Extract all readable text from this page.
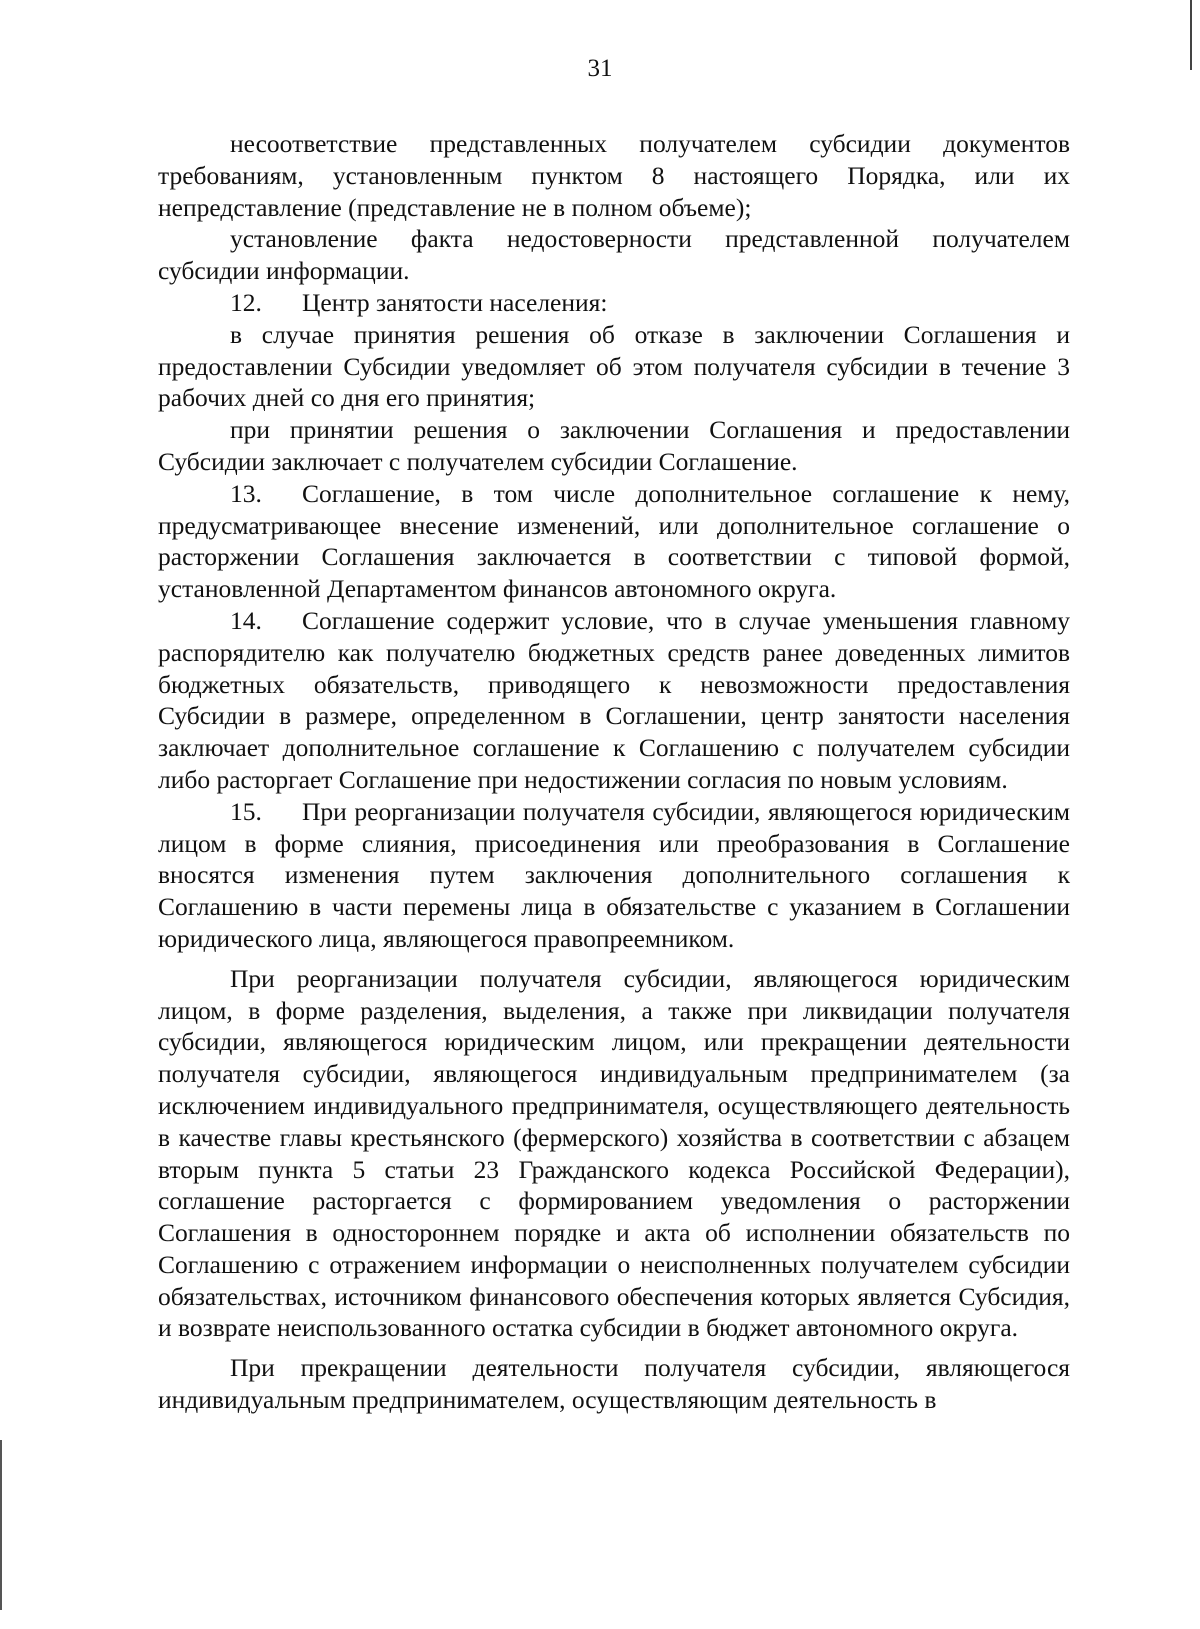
31

несоответствие представленных получателем субсидии документов требованиям, установленным пунктом 8 настоящего Порядка, или их непредставление (представление не в полном объеме);

установление факта недостоверности представленной получателем субсидии информации.

12. Центр занятости населения:

в случае принятия решения об отказе в заключении Соглашения и предоставлении Субсидии уведомляет об этом получателя субсидии в течение 3 рабочих дней со дня его принятия;

при принятии решения о заключении Соглашения и предоставлении Субсидии заключает с получателем субсидии Соглашение.

13. Соглашение, в том числе дополнительное соглашение к нему, предусматривающее внесение изменений, или дополнительное соглашение о расторжении Соглашения заключается в соответствии с типовой формой, установленной Департаментом финансов автономного округа.

14. Соглашение содержит условие, что в случае уменьшения главному распорядителю как получателю бюджетных средств ранее доведенных лимитов бюджетных обязательств, приводящего к невозможности предоставления Субсидии в размере, определенном в Соглашении, центр занятости населения заключает дополнительное соглашение к Соглашению с получателем субсидии либо расторгает Соглашение при недостижении согласия по новым условиям.

15. При реорганизации получателя субсидии, являющегося юридическим лицом в форме слияния, присоединения или преобразования в Соглашение вносятся изменения путем заключения дополнительного соглашения к Соглашению в части перемены лица в обязательстве с указанием в Соглашении юридического лица, являющегося правопреемником.

При реорганизации получателя субсидии, являющегося юридическим лицом, в форме разделения, выделения, а также при ликвидации получателя субсидии, являющегося юридическим лицом, или прекращении деятельности получателя субсидии, являющегося индивидуальным предпринимателем (за исключением индивидуального предпринимателя, осуществляющего деятельность в качестве главы крестьянского (фермерского) хозяйства в соответствии с абзацем вторым пункта 5 статьи 23 Гражданского кодекса Российской Федерации), соглашение расторгается с формированием уведомления о расторжении Соглашения в одностороннем порядке и акта об исполнении обязательств по Соглашению с отражением информации о неисполненных получателем субсидии обязательствах, источником финансового обеспечения которых является Субсидия, и возврате неиспользованного остатка субсидии в бюджет автономного округа.

При прекращении деятельности получателя субсидии, являющегося индивидуальным предпринимателем, осуществляющим деятельность в
